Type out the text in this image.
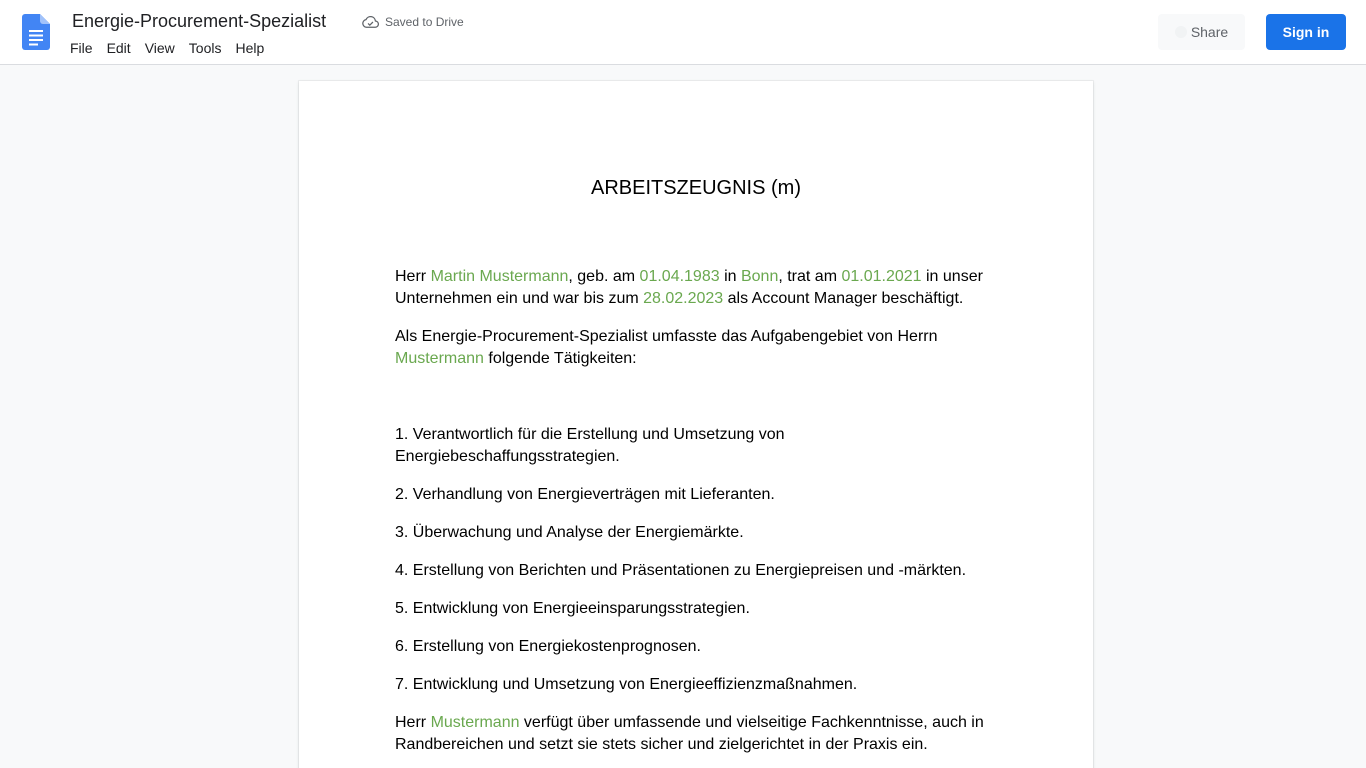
Energie-Procurement-Spezialist	Saved to Drive
File	Edit	View	Tools	Help
Share	Sign in
ARBEITSZEUGNIS (m)

Herr Martin Mustermann, geb. am 01.04.1983 in Bonn, trat am 01.01.2021 in unser Unternehmen ein und war bis zum 28.02.2023 als Account Manager beschäftigt.

Als Energie-Procurement-Spezialist umfasste das Aufgabengebiet von Herrn Mustermann folgende Tätigkeiten:

1. Verantwortlich für die Erstellung und Umsetzung von Energiebeschaffungsstrategien.

2. Verhandlung von Energieverträgen mit Lieferanten.

3. Überwachung und Analyse der Energiemärkte.

4. Erstellung von Berichten und Präsentationen zu Energiepreisen und -märkten.

5. Entwicklung von Energieeinsparungsstrategien.

6. Erstellung von Energiekostenprognosen.

7. Entwicklung und Umsetzung von Energieeffizienzmaßnahmen.

Herr Mustermann verfügt über umfassende und vielseitige Fachkenntnisse, auch in Randbereichen und setzt sie stets sicher und zielgerichtet in der Praxis ein.
